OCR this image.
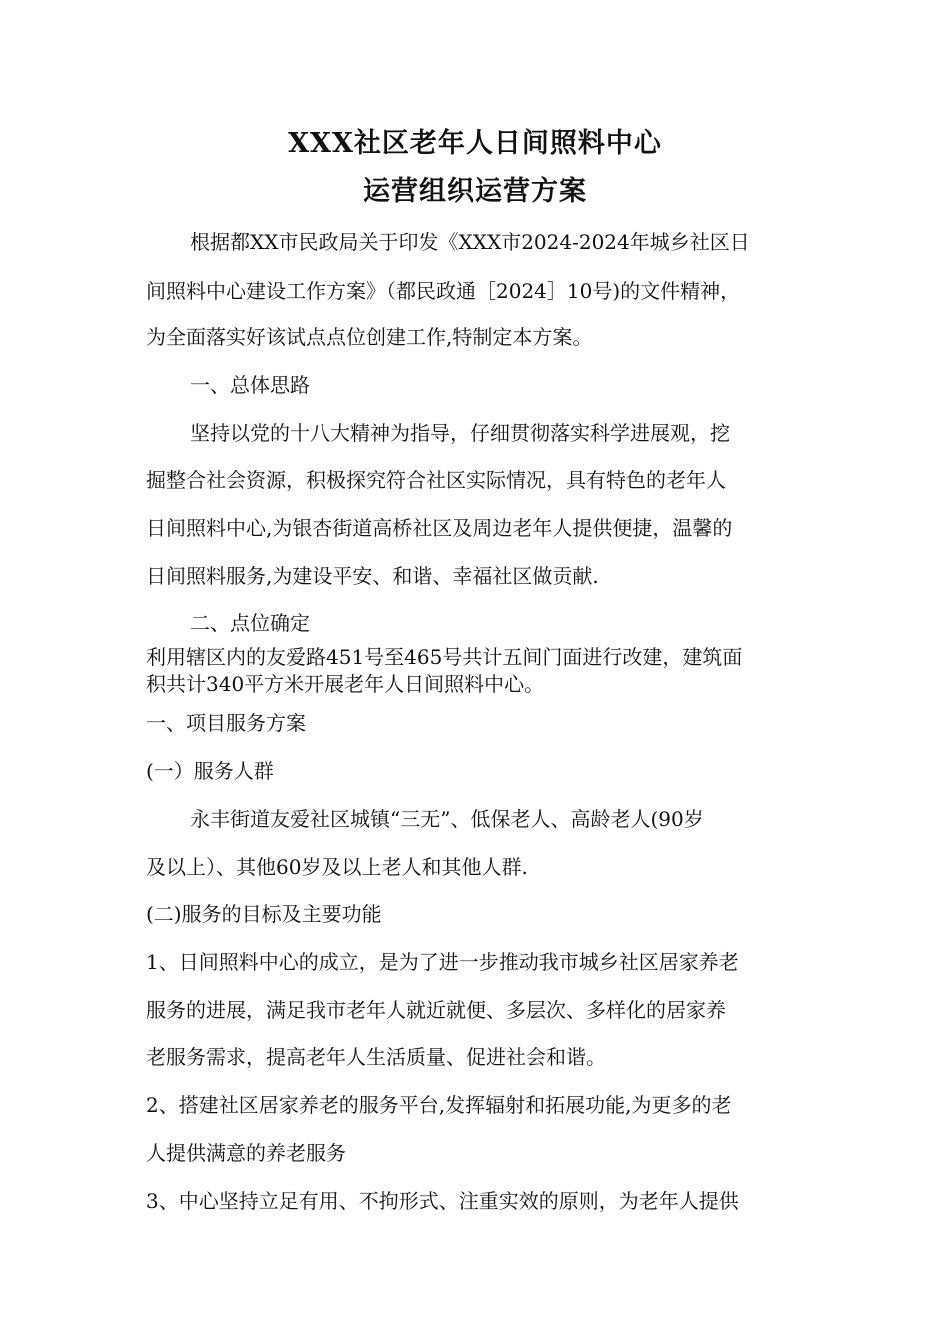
XXX社区老年人日间照料中心
运营组织运营方案
根据都XX市民政局关于印发《XXX市2024-2024年城乡社区日
间照料中心建设工作方案》（都民政通［2024］10号)的文件精神，
为全面落实好该试点点位创建工作,特制定本方案。
一、总体思路
坚持以党的十八大精神为指导，仔细贯彻落实科学进展观，挖
掘整合社会资源，积极探究符合社区实际情况，具有特色的老年人
日间照料中心,为银杏街道高桥社区及周边老年人提供便捷，温馨的
日间照料服务,为建设平安、和谐、幸福社区做贡献.
二、点位确定
利用辖区内的友爱路451号至465号共计五间门面进行改建，建筑面
积共计340平方米开展老年人日间照料中心。
一、项目服务方案
(一）服务人群
永丰街道友爱社区城镇“三无”、低保老人、高龄老人(90岁
及以上）、其他60岁及以上老人和其他人群.
(二)服务的目标及主要功能
1、日间照料中心的成立，是为了进一步推动我市城乡社区居家养老
服务的进展，满足我市老年人就近就便、多层次、多样化的居家养
老服务需求，提高老年人生活质量、促进社会和谐。
2、搭建社区居家养老的服务平台,发挥辐射和拓展功能,为更多的老
人提供满意的养老服务
3、中心坚持立足有用、不拘形式、注重实效的原则，为老年人提供
